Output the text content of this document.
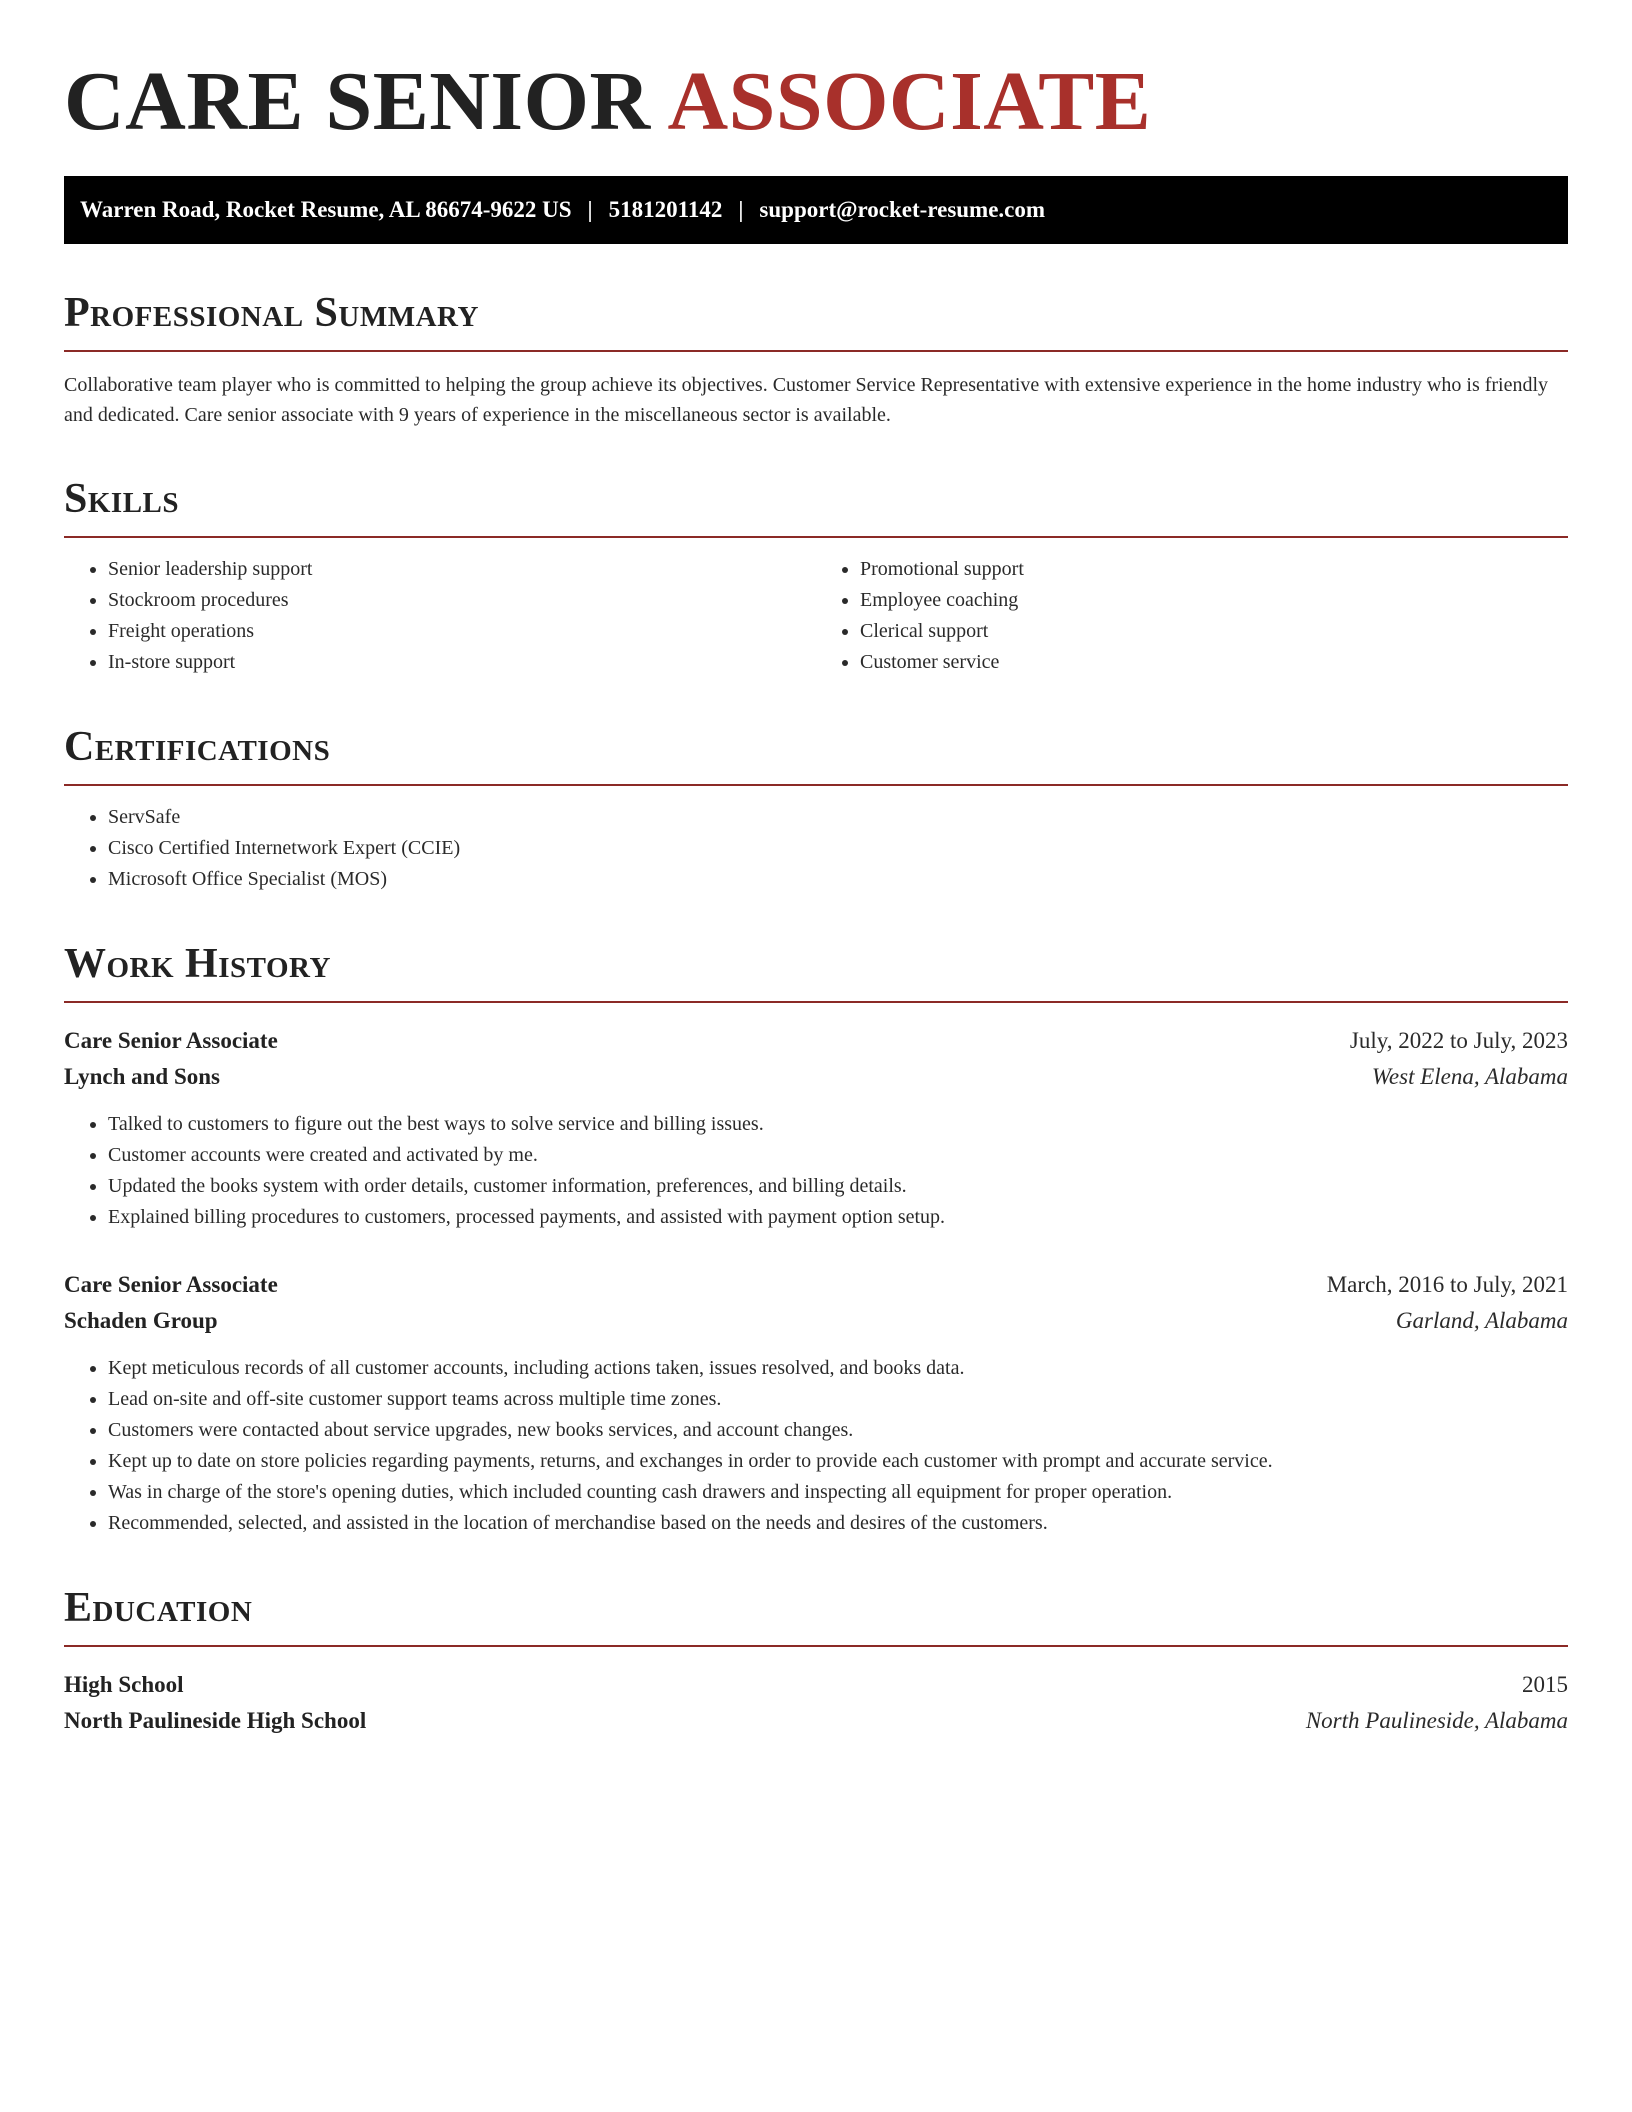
CARE SENIOR ASSOCIATE
Warren Road, Rocket Resume, AL 86674-9622 US | 5181201142 | support@rocket-resume.com
Professional Summary

Collaborative team player who is committed to helping the group achieve its objectives. Customer Service Representative with extensive experience in the home industry who is friendly and dedicated. Care senior associate with 9 years of experience in the miscellaneous sector is available.

Skills
• Senior leadership support
• Stockroom procedures
• Freight operations
• In-store support
• Promotional support
• Employee coaching
• Clerical support
• Customer service
Certifications
• ServSafe
• Cisco Certified Internetwork Expert (CCIE)
• Microsoft Office Specialist (MOS)
Work History
Care Senior Associate	July, 2022 to July, 2023
Lynch and Sons	West Elena, Alabama
• Talked to customers to figure out the best ways to solve service and billing issues.
• Customer accounts were created and activated by me.
• Updated the books system with order details, customer information, preferences, and billing details.
• Explained billing procedures to customers, processed payments, and assisted with payment option setup.
Care Senior Associate	March, 2016 to July, 2021
Schaden Group	Garland, Alabama
• Kept meticulous records of all customer accounts, including actions taken, issues resolved, and books data.
• Lead on-site and off-site customer support teams across multiple time zones.
• Customers were contacted about service upgrades, new books services, and account changes.
• Kept up to date on store policies regarding payments, returns, and exchanges in order to provide each customer with prompt and accurate service.
• Was in charge of the store's opening duties, which included counting cash drawers and inspecting all equipment for proper operation.
• Recommended, selected, and assisted in the location of merchandise based on the needs and desires of the customers.
Education
High School	2015
North Paulineside High School	North Paulineside, Alabama
